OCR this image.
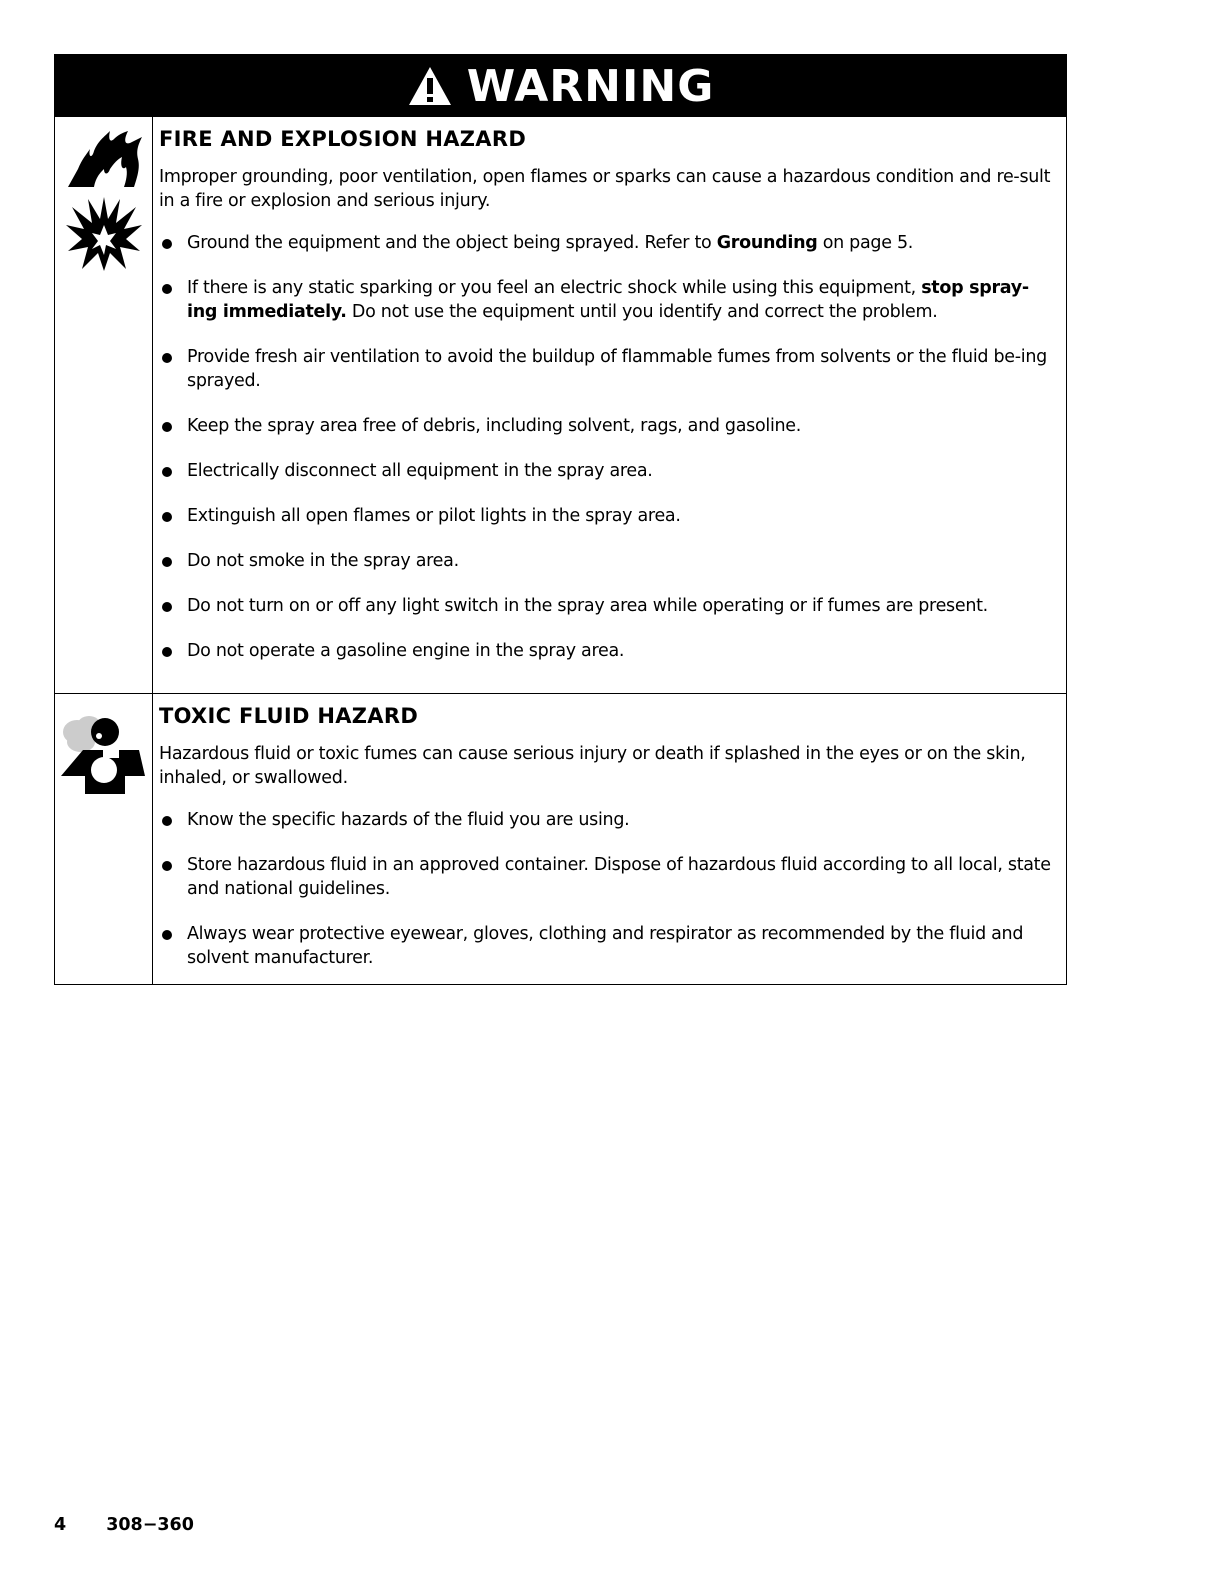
WARNING
FIRE AND EXPLOSION HAZARD

Improper grounding, poor ventilation, open flames or sparks can cause a hazardous condition and re-sult in a fire or explosion and serious injury.

Ground the equipment and the object being sprayed. Refer to Grounding on page 5.
If there is any static sparking or you feel an electric shock while using this equipment, stop spray-ing immediately. Do not use the equipment until you identify and correct the problem.
Provide fresh air ventilation to avoid the buildup of flammable fumes from solvents or the fluid be-ing sprayed.
Keep the spray area free of debris, including solvent, rags, and gasoline.
Electrically disconnect all equipment in the spray area.
Extinguish all open flames or pilot lights in the spray area.
Do not smoke in the spray area.
Do not turn on or off any light switch in the spray area while operating or if fumes are present.
Do not operate a gasoline engine in the spray area.
TOXIC FLUID HAZARD

Hazardous fluid or toxic fumes can cause serious injury or death if splashed in the eyes or on the skin, inhaled, or swallowed.

Know the specific hazards of the fluid you are using.
Store hazardous fluid in an approved container. Dispose of hazardous fluid according to all local, state and national guidelines.
Always wear protective eyewear, gloves, clothing and respirator as recommended by the fluid and solvent manufacturer.
4 308−360
